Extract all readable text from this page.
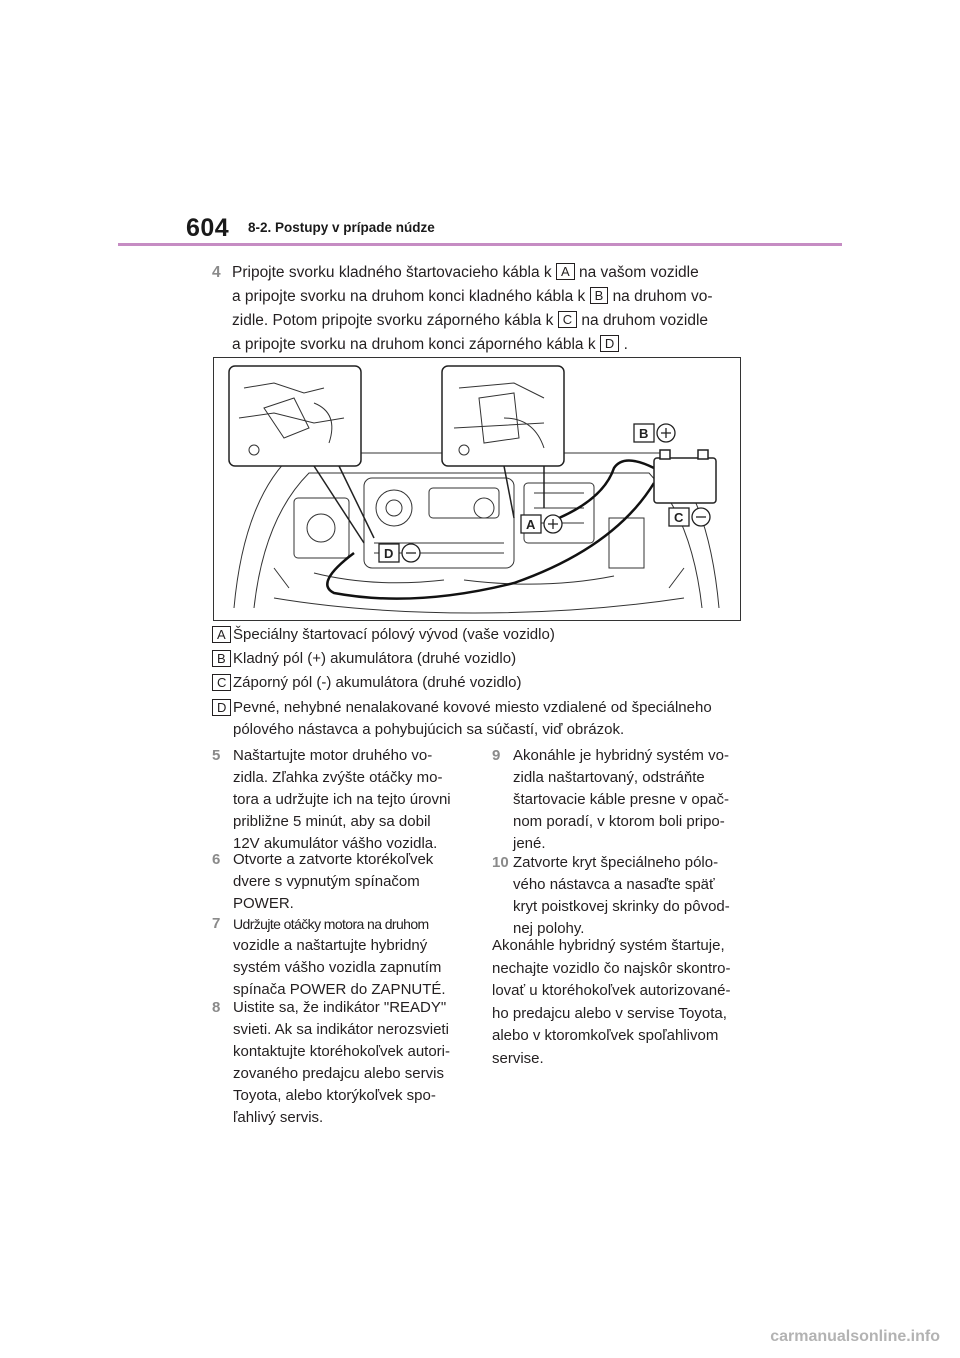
604 8-2. Postupy v prípade núdze
4 Pripojte svorku kladného štartovacieho kábla k A na vašom vozidle
a pripojte svorku na druhom konci kladného kábla k B na druhom vo-
zidle. Potom pripojte svorku záporného kábla k C na druhom vozidle
a pripojte svorku na druhom konci záporného kábla k D .
B
C
A
D
A Špeciálny štartovací pólový vývod (vaše vozidlo)
B Kladný pól (+) akumulátora (druhé vozidlo)
C Záporný pól (-) akumulátora (druhé vozidlo)
D Pevné, nehybné nenalakované kovové miesto vzdialené od špeciálneho pólového nástavca a pohybujúcich sa súčastí, viď obrázok.
5 Naštartujte motor druhého vo-
zidla. Zľahka zvýšte otáčky mo-
tora a udržujte ich na tejto úrovni
približne 5 minút, aby sa dobil
12V akumulátor vášho vozidla.
6 Otvorte a zatvorte ktorékoľvek
dvere s vypnutým spínačom
POWER.
7 Udržujte otáčky motora na druhom
vozidle a naštartujte hybridný
systém vášho vozidla zapnutím
spínača POWER do ZAPNUTÉ.
8 Uistite sa, že indikátor "READY"
svieti. Ak sa indikátor nerozsvieti
kontaktujte ktoréhokoľvek autori-
zovaného predajcu alebo servis
Toyota, alebo ktorýkoľvek spo-
ľahlivý servis.
9 Akonáhle je hybridný systém vo-
zidla naštartovaný, odstráňte
štartovacie káble presne v opač-
nom poradí, v ktorom boli pripo-
jené.
10 Zatvorte kryt špeciálneho pólo-
vého nástavca a nasaďte späť
kryt poistkovej skrinky do pôvod-
nej polohy.
Akonáhle hybridný systém štartuje,
nechajte vozidlo čo najskôr skontro-
lovať u ktoréhokoľvek autorizované-
ho predajcu alebo v servise Toyota,
alebo v ktoromkoľvek spoľahlivom
servise.
carmanualsonline.info
